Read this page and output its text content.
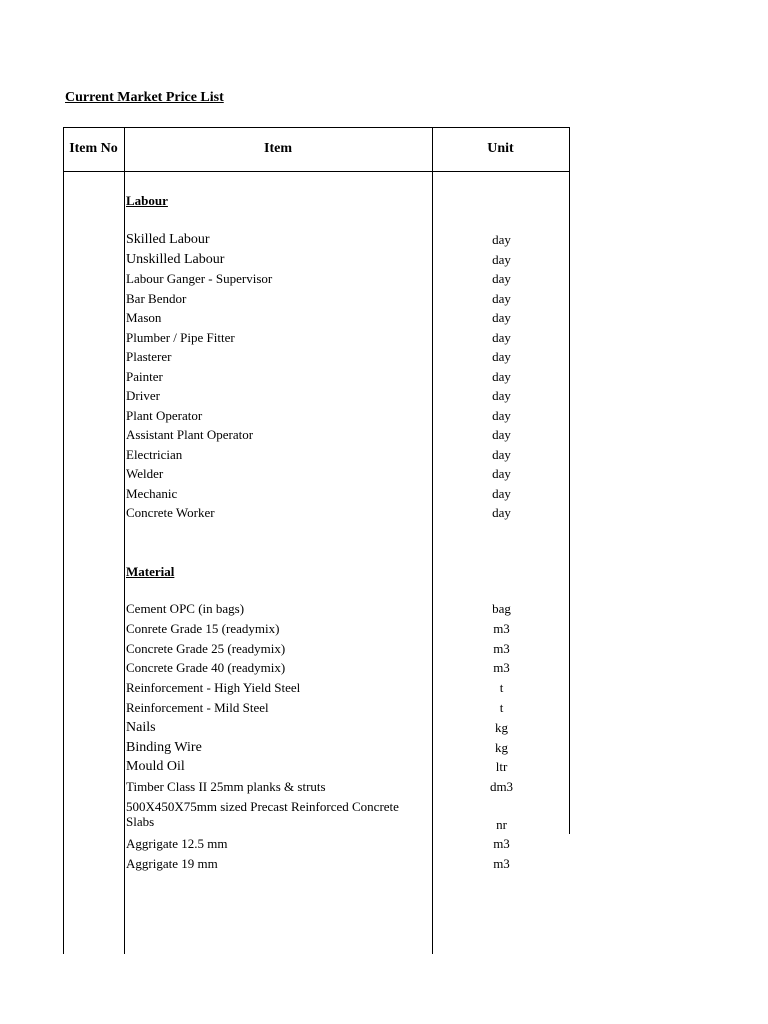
Current Market Price List
Item No	Item	Unit
Labour
Skilled Labour	day
Unskilled Labour	day
Labour Ganger - Supervisor	day
Bar Bendor	day
Mason	day
Plumber / Pipe Fitter	day
Plasterer	day
Painter	day
Driver	day
Plant Operator	day
Assistant Plant Operator	day
Electrician	day
Welder	day
Mechanic	day
Concrete Worker	day
Material
Cement OPC (in bags)	bag
Conrete Grade 15 (readymix)	m3
Concrete Grade 25 (readymix)	m3
Concrete Grade 40 (readymix)	m3
Reinforcement - High Yield Steel	t
Reinforcement - Mild Steel	t
Nails	kg
Binding Wire	kg
Mould Oil	ltr
Timber Class II 25mm planks & struts	dm3
500X450X75mm sized Precast Reinforced Concrete Slabs	nr
Aggrigate 12.5 mm	m3
Aggrigate 19 mm	m3
